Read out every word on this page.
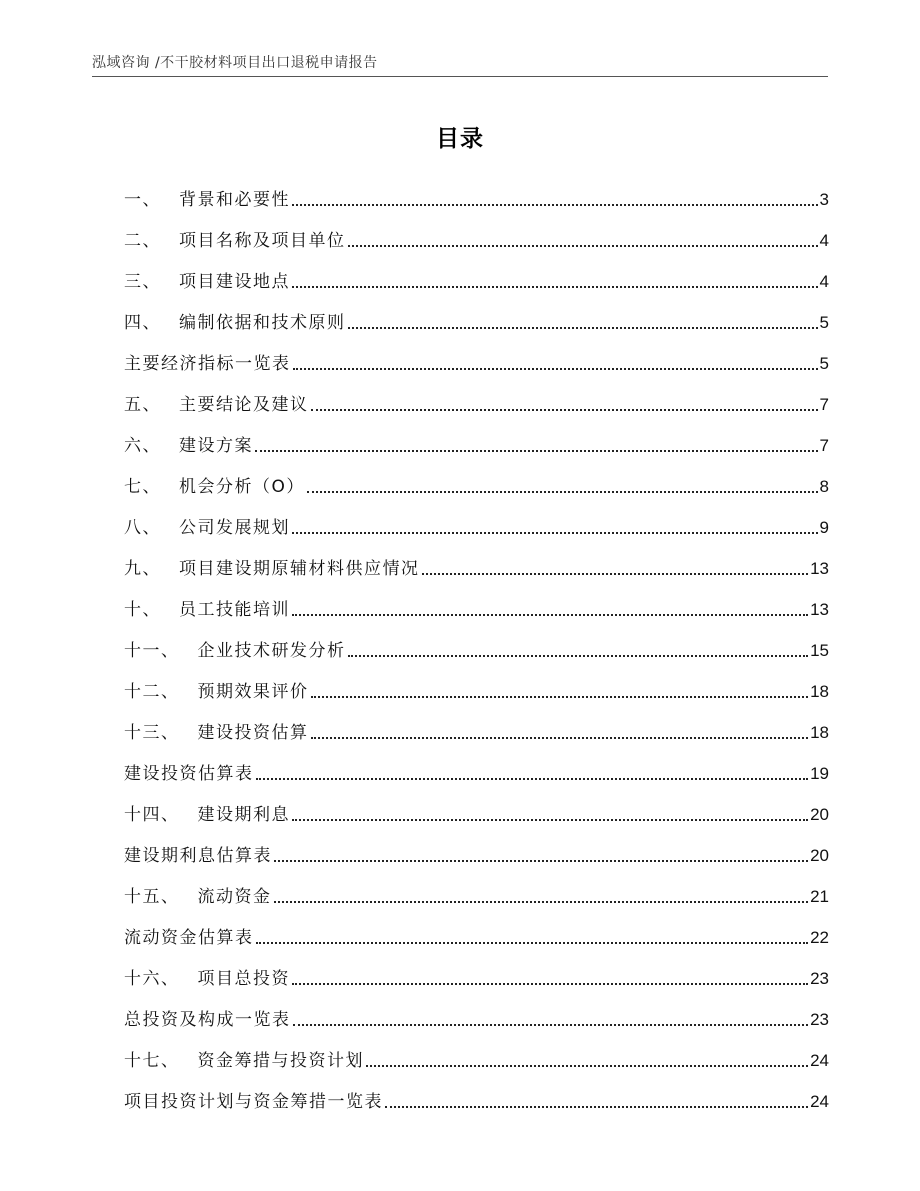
泓域咨询 /不干胶材料项目出口退税申请报告
目录
一、 背景和必要性	3
二、 项目名称及项目单位	4
三、 项目建设地点	4
四、 编制依据和技术原则	5
主要经济指标一览表	5
五、 主要结论及建议	7
六、 建设方案	7
七、 机会分析（O）	8
八、 公司发展规划	9
九、 项目建设期原辅材料供应情况	13
十、 员工技能培训	13
十一、 企业技术研发分析	15
十二、 预期效果评价	18
十三、 建设投资估算	18
建设投资估算表	19
十四、 建设期利息	20
建设期利息估算表	20
十五、 流动资金	21
流动资金估算表	22
十六、 项目总投资	23
总投资及构成一览表	23
十七、 资金筹措与投资计划	24
项目投资计划与资金筹措一览表	24
